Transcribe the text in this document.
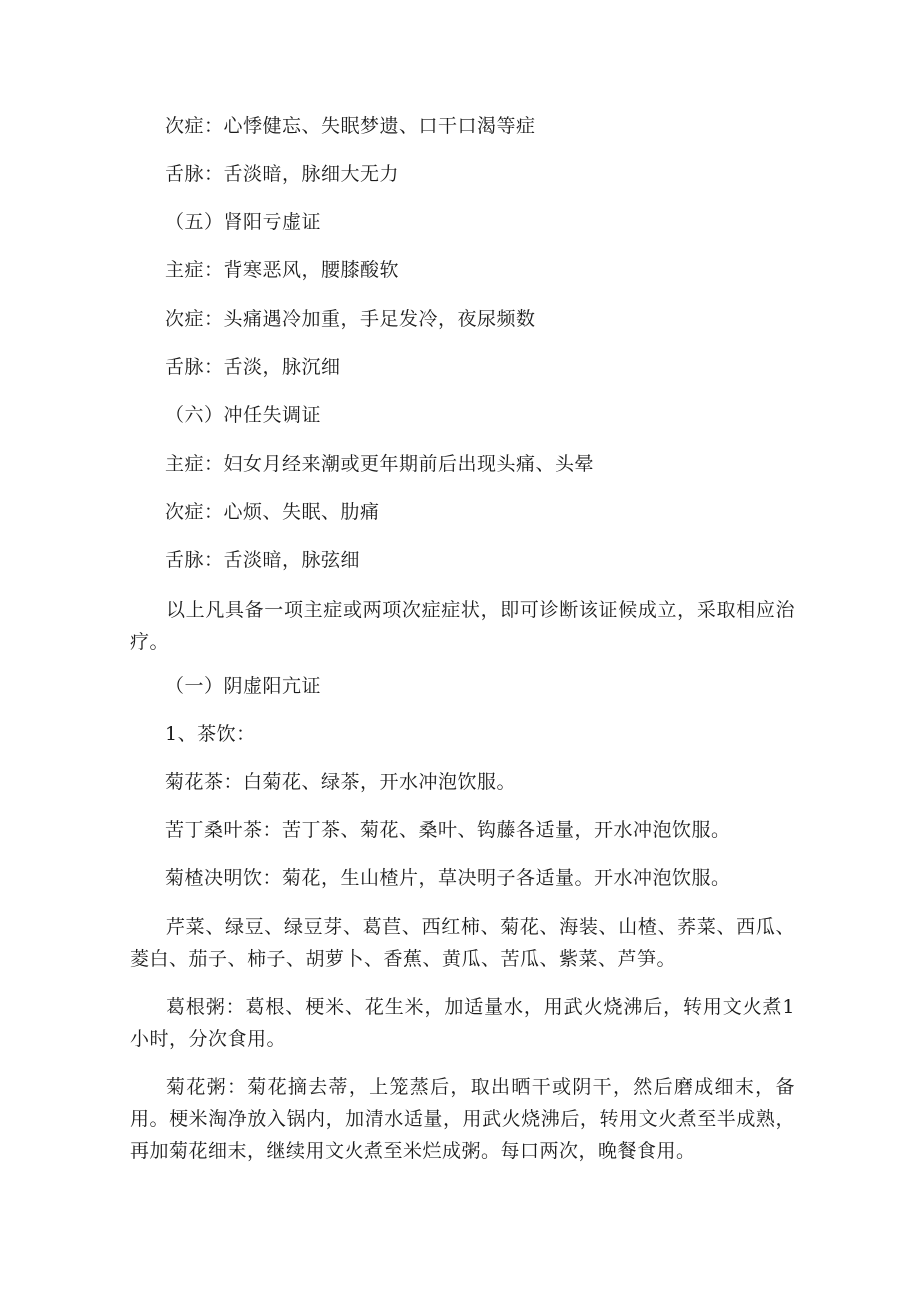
次症：心悸健忘、失眠梦遗、口干口渴等症
舌脉：舌淡暗，脉细大无力
（五）肾阳亏虚证
主症：背寒恶风，腰膝酸软
次症：头痛遇冷加重，手足发冷，夜尿频数
舌脉：舌淡，脉沉细
（六）冲任失调证
主症：妇女月经来潮或更年期前后出现头痛、头晕
次症：心烦、失眠、肋痛
舌脉：舌淡暗，脉弦细
以上凡具备一项主症或两项次症症状，即可诊断该证候成立，采取相应治疗。
（一）阴虚阳亢证
1、茶饮：
菊花茶：白菊花、绿茶，开水冲泡饮服。
苦丁桑叶茶：苦丁茶、菊花、桑叶、钩藤各适量，开水冲泡饮服。
菊楂决明饮：菊花，生山楂片，草决明子各适量。开水冲泡饮服。
芹菜、绿豆、绿豆芽、葛苣、西红柿、菊花、海装、山楂、荞菜、西瓜、菱白、茄子、柿子、胡萝卜、香蕉、黄瓜、苦瓜、紫菜、芦笋。
葛根粥：葛根、梗米、花生米，加适量水，用武火烧沸后，转用文火煮1小时，分次食用。
菊花粥：菊花摘去蒂，上笼蒸后，取出晒干或阴干，然后磨成细末，备用。梗米淘净放入锅内，加清水适量，用武火烧沸后，转用文火煮至半成熟，再加菊花细末，继续用文火煮至米烂成粥。每口两次，晚餐食用。
